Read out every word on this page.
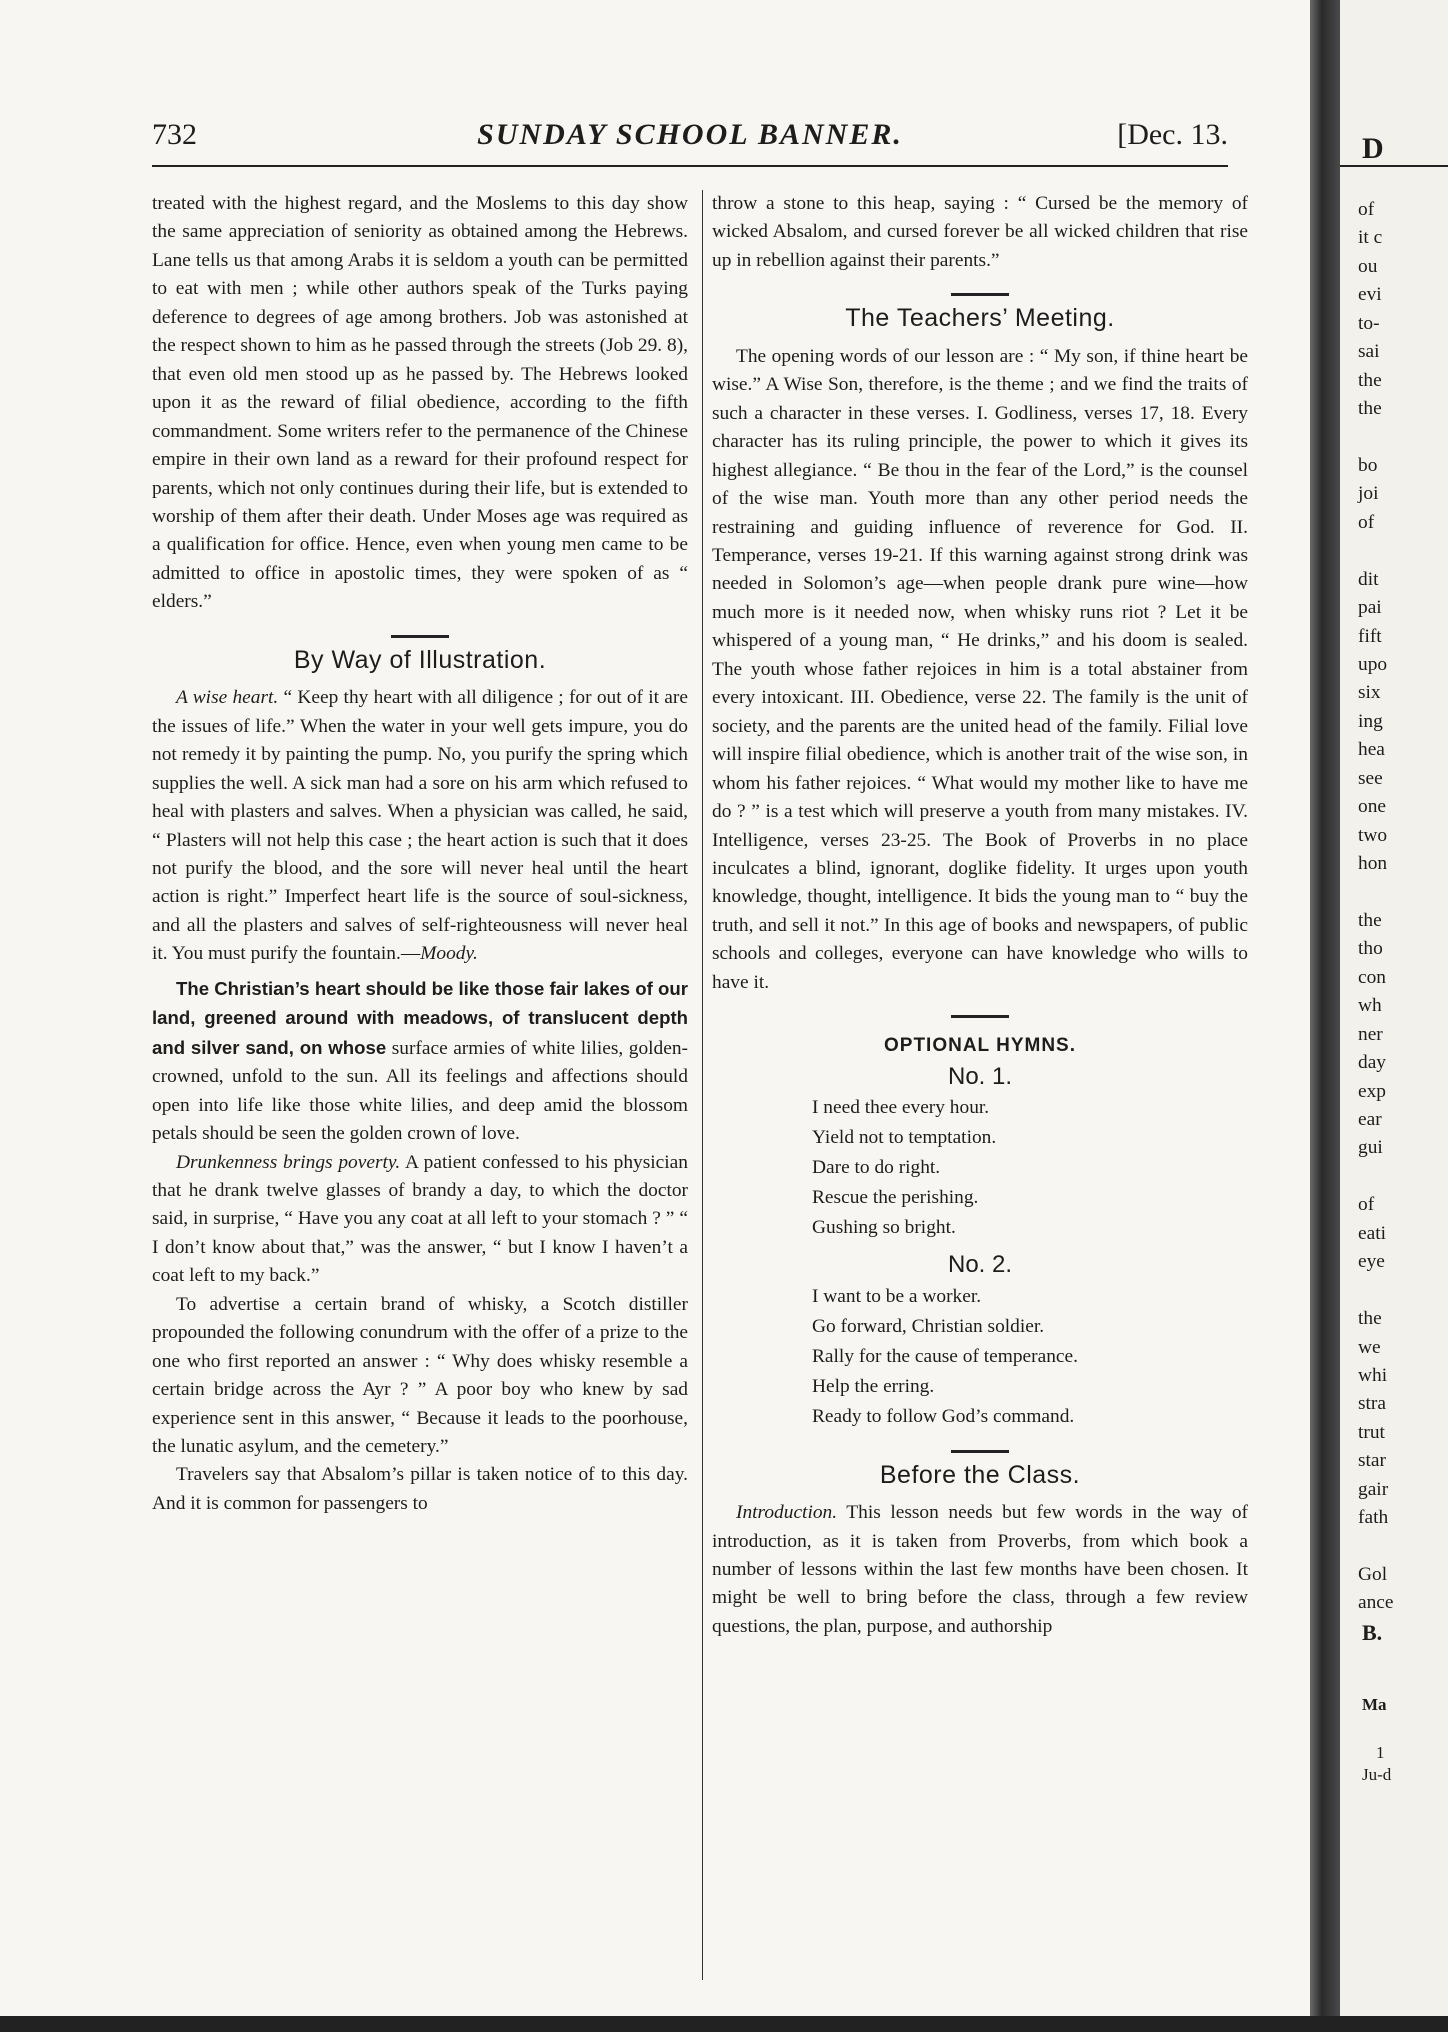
732	SUNDAY SCHOOL BANNER.	[Dec. 13.

treated with the highest regard, and the Moslems to this day show the same appreciation of seniority as obtained among the Hebrews. Lane tells us that among Arabs it is seldom a youth can be permitted to eat with men ; while other authors speak of the Turks paying deference to degrees of age among brothers. Job was astonished at the respect shown to him as he passed through the streets (Job 29. 8), that even old men stood up as he passed by. The Hebrews looked upon it as the reward of filial obedience, according to the fifth commandment. Some writers refer to the permanence of the Chinese empire in their own land as a reward for their profound respect for parents, which not only continues during their life, but is extended to worship of them after their death. Under Moses age was required as a qualification for office. Hence, even when young men came to be admitted to office in apostolic times, they were spoken of as “ elders.”

By Way of Illustration.

A wise heart. “ Keep thy heart with all diligence ; for out of it are the issues of life.” When the water in your well gets impure, you do not remedy it by painting the pump. No, you purify the spring which supplies the well. A sick man had a sore on his arm which refused to heal with plasters and salves. When a physician was called, he said, “ Plasters will not help this case ; the heart action is such that it does not purify the blood, and the sore will never heal until the heart action is right.” Imperfect heart life is the source of soul-sickness, and all the plasters and salves of self-righteousness will never heal it. You must purify the fountain.—Moody.

The Christian’s heart should be like those fair lakes of our land, greened around with meadows, of translucent depth and silver sand, on whose surface armies of white lilies, golden-crowned, unfold to the sun. All its feelings and affections should open into life like those white lilies, and deep amid the blossom petals should be seen the golden crown of love.

Drunkenness brings poverty. A patient confessed to his physician that he drank twelve glasses of brandy a day, to which the doctor said, in surprise, “ Have you any coat at all left to your stomach ? ” “ I don’t know about that,” was the answer, “ but I know I haven’t a coat left to my back.”

To advertise a certain brand of whisky, a Scotch distiller propounded the following conundrum with the offer of a prize to the one who first reported an answer : “ Why does whisky resemble a certain bridge across the Ayr ? ” A poor boy who knew by sad experience sent in this answer, “ Because it leads to the poorhouse, the lunatic asylum, and the cemetery.”

Travelers say that Absalom’s pillar is taken notice of to this day. And it is common for passengers to

throw a stone to this heap, saying : “ Cursed be the memory of wicked Absalom, and cursed forever be all wicked children that rise up in rebellion against their parents.”

The Teachers’ Meeting.

The opening words of our lesson are : “ My son, if thine heart be wise.” A Wise Son, therefore, is the theme ; and we find the traits of such a character in these verses. I. Godliness, verses 17, 18. Every character has its ruling principle, the power to which it gives its highest allegiance. “ Be thou in the fear of the Lord,” is the counsel of the wise man. Youth more than any other period needs the restraining and guiding influence of reverence for God. II. Temperance, verses 19-21. If this warning against strong drink was needed in Solomon’s age—when people drank pure wine—how much more is it needed now, when whisky runs riot ? Let it be whispered of a young man, “ He drinks,” and his doom is sealed. The youth whose father rejoices in him is a total abstainer from every intoxicant. III. Obedience, verse 22. The family is the unit of society, and the parents are the united head of the family. Filial love will inspire filial obedience, which is another trait of the wise son, in whom his father rejoices. “ What would my mother like to have me do ? ” is a test which will preserve a youth from many mistakes. IV. Intelligence, verses 23-25. The Book of Proverbs in no place inculcates a blind, ignorant, doglike fidelity. It urges upon youth knowledge, thought, intelligence. It bids the young man to “ buy the truth, and sell it not.” In this age of books and newspapers, of public schools and colleges, everyone can have knowledge who wills to have it.

OPTIONAL HYMNS.
No. 1.
I need thee every hour.
Yield not to temptation.
Dare to do right.
Rescue the perishing.
Gushing so bright.
No. 2.
I want to be a worker.
Go forward, Christian soldier.
Rally for the cause of temperance.
Help the erring.
Ready to follow God’s command.
Before the Class.

Introduction. This lesson needs but few words in the way of introduction, as it is taken from Proverbs, from which book a number of lessons within the last few months have been chosen. It might be well to bring before the class, through a few review questions, the plan, purpose, and authorship

D
of
it c
ou
evi
to-
sai
the
the
bo
joi
of
dit
pai
fift
upo
six
ing
hea
see
one
two
hon
the
tho
con
wh
ner
day
exp
ear
gui
of
eati
eye
the
we
whi
stra
trut
star
gair
fath
Gol
ance
B.
Ma
1
Ju-d
